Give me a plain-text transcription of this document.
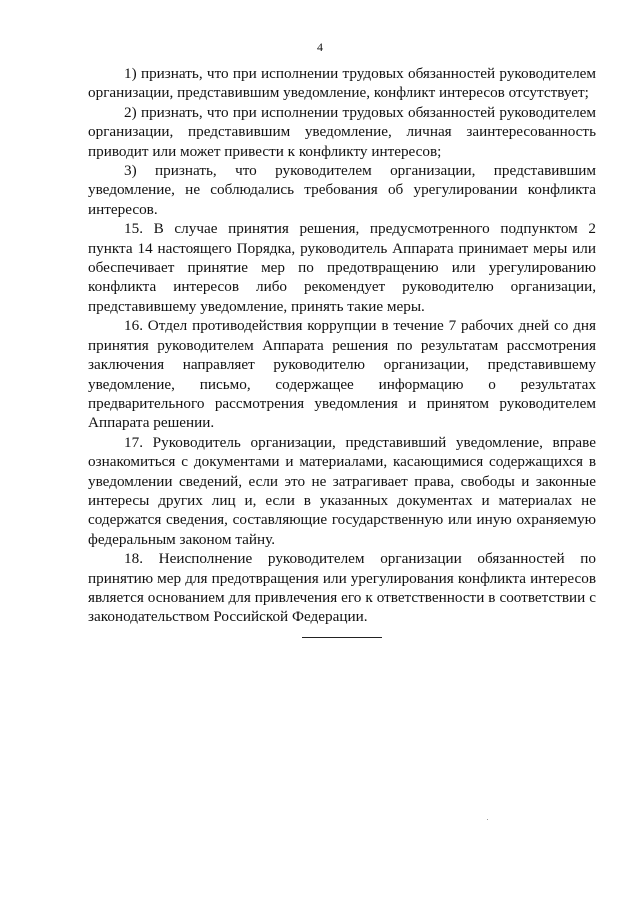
4

1) признать, что при исполнении трудовых обязанностей руководителем организации, представившим уведомление, конфликт интересов отсутствует;

2) признать, что при исполнении трудовых обязанностей руководителем организации, представившим уведомление, личная заинтересованность приводит или может привести к конфликту интересов;

3) признать, что руководителем организации, представившим уведомление, не соблюдались требования об урегулировании конфликта интересов.

15. В случае принятия решения, предусмотренного подпунктом 2 пункта 14 настоящего Порядка, руководитель Аппарата принимает меры или обеспечивает принятие мер по предотвращению или урегулированию конфликта интересов либо рекомендует руководителю организации, представившему уведомление, принять такие меры.

16. Отдел противодействия коррупции в течение 7 рабочих дней со дня принятия руководителем Аппарата решения по результатам рассмотрения заключения направляет руководителю организации, представившему уведомление, письмо, содержащее информацию о результатах предварительного рассмотрения уведомления и принятом руководителем Аппарата решении.

17. Руководитель организации, представивший уведомление, вправе ознакомиться с документами и материалами, касающимися содержащихся в уведомлении сведений, если это не затрагивает права, свободы и законные интересы других лиц и, если в указанных документах и материалах не содержатся сведения, составляющие государственную или иную охраняемую федеральным законом тайну.

18. Неисполнение руководителем организации обязанностей по принятию мер для предотвращения или урегулирования конфликта интересов является основанием для привлечения его к ответственности в соответствии с законодательством Российской Федерации.
